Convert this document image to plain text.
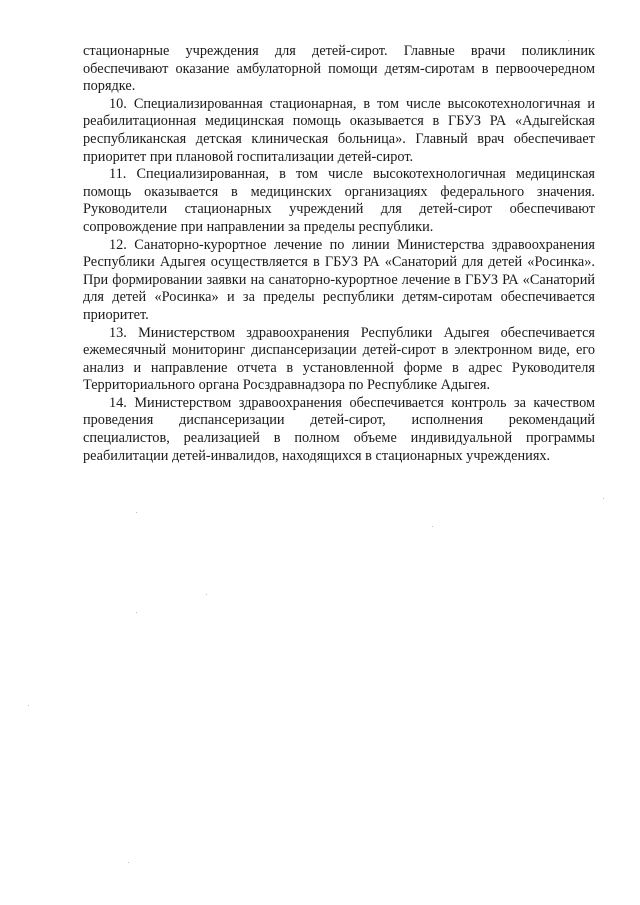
стационарные учреждения для детей-сирот. Главные врачи поликлиник обеспечивают оказание амбулаторной помощи детям-сиротам в первоочередном порядке.

10. Специализированная стационарная, в том числе высокотехнологичная и реабилитационная медицинская помощь оказывается в ГБУЗ РА «Адыгейская республиканская детская клиническая больница». Главный врач обеспечивает приоритет при плановой госпитализации детей-сирот.

11. Специализированная, в том числе высокотехнологичная медицинская помощь оказывается в медицинских организациях федерального значения. Руководители стационарных учреждений для детей-сирот обеспечивают сопровождение при направлении за пределы республики.

12. Санаторно-курортное лечение по линии Министерства здравоохранения Республики Адыгея осуществляется в ГБУЗ РА «Санаторий для детей «Росинка». При формировании заявки на санаторно-курортное лечение в ГБУЗ РА «Санаторий для детей «Росинка» и за пределы республики детям-сиротам обеспечивается приоритет.

13. Министерством здравоохранения Республики Адыгея обеспечивается ежемесячный мониторинг диспансеризации детей-сирот в электронном виде, его анализ и направление отчета в установленной форме в адрес Руководителя Территориального органа Росздравнадзора по Республике Адыгея.

14. Министерством здравоохранения обеспечивается контроль за качеством проведения диспансеризации детей-сирот, исполнения рекомендаций специалистов, реализацией в полном объеме индивидуальной программы реабилитации детей-инвалидов, находящихся в стационарных учреждениях.
